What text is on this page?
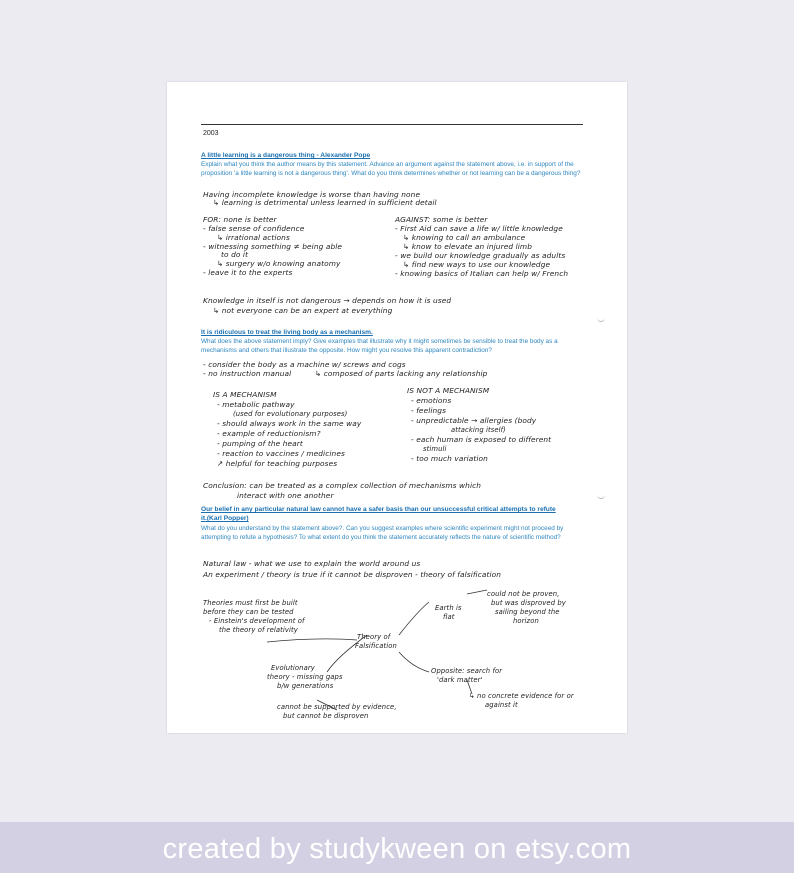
2003
A little learning is a dangerous thing - Alexander Pope
Explain what you think the author means by this statement. Advance an argument against the statement above, i.e. in support of the proposition 'a little learning is not a dangerous thing'. What do you think determines whether or not learning can be a dangerous thing?
Having incomplete knowledge is worse than having none
↳ learning is detrimental unless learned in sufficient detail
FOR: none is better
- false sense of confidence
↳ irrational actions
- witnessing something ≠ being able
to do it
↳ surgery w/o knowing anatomy
- leave it to the experts
AGAINST: some is better
- First Aid can save a life w/ little knowledge
↳ knowing to call an ambulance
↳ know to elevate an injured limb
- we build our knowledge gradually as adults
↳ find new ways to use our knowledge
- knowing basics of Italian can help w/ French
Knowledge in itself is not dangerous → depends on how it is used
↳ not everyone can be an expert at everything
It is ridiculous to treat the living body as a mechanism.
What does the above statement imply? Give examples that illustrate why it might sometimes be sensible to treat the body as a mechanisms and others that illustrate the opposite. How might you resolve this apparent contradiction?
- consider the body as a machine w/ screws and cogs
- no instruction manual	↳ composed of parts lacking any relationship
IS A MECHANISM
- metabolic pathway
(used for evolutionary purposes)
- should always work in the same way
- example of reductionism?
- pumping of the heart
- reaction to vaccines / medicines
↗ helpful for teaching purposes
IS NOT A MECHANISM
- emotions
- feelings
- unpredictable → allergies (body
attacking itself)
- each human is exposed to different
stimuli
- too much variation
Conclusion: can be treated as a complex collection of mechanisms which
interact with one another
Our belief in any particular natural law cannot have a safer basis than our unsuccessful critical attempts to refute
it.(Karl Popper)
What do you understand by the statement above?. Can you suggest examples where scientific experiment might not proceed by attempting to refute a hypothesis? To what extent do you think the statement accurately reflects the nature of scientific method?
Natural law - what we use to explain the world around us
An experiment / theory is true if it cannot be disproven - theory of falsification
Theories must first be built
before they can be tested
- Einstein's development of
the theory of relativity
Theory of
Falsification
Earth is
flat
could not be proven,
but was disproved by
sailing beyond the
horizon
Evolutionary
theory - missing gaps
b/w generations
cannot be supported by evidence,
but cannot be disproven
Opposite: search for
'dark matter'
↳ no concrete evidence for or
against it
created by studykween on etsy.com
